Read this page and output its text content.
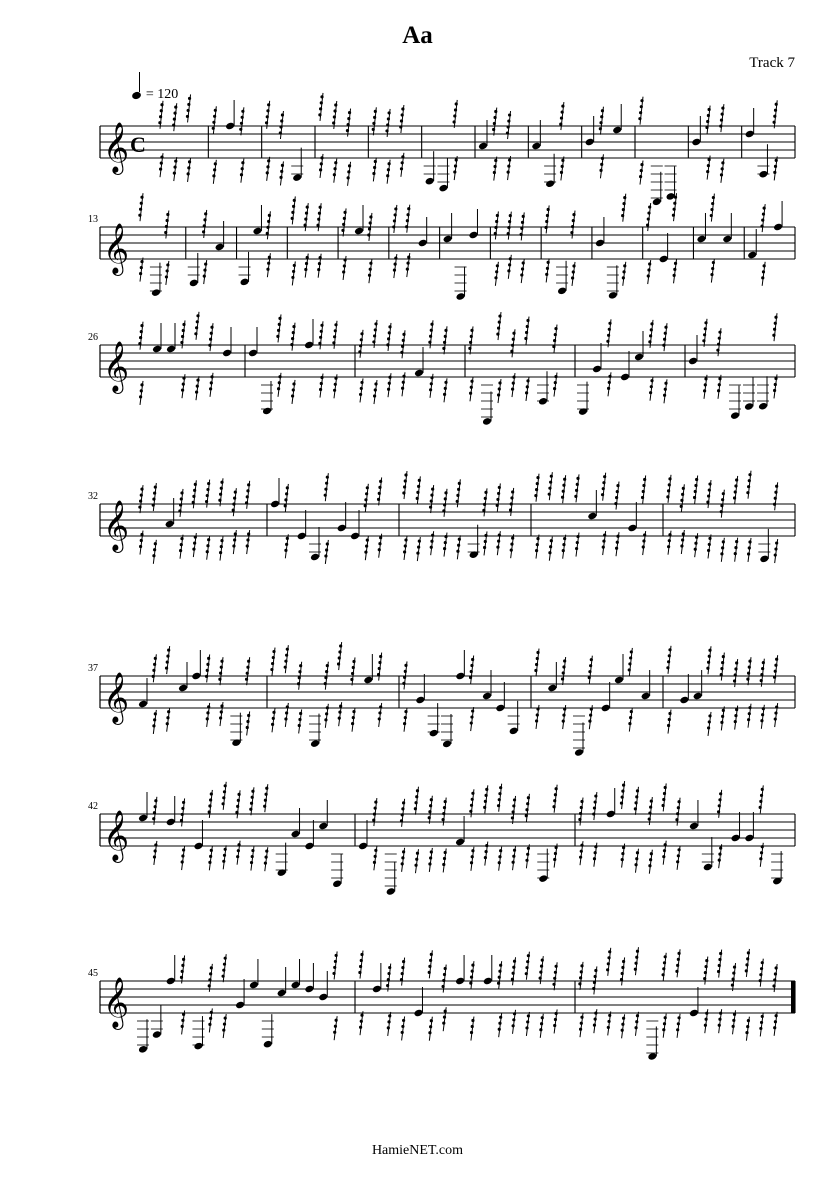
Aa
Track 7
= 120
𝄞 C
𝄞
13
𝄞
26
𝄞
32
𝄞
37
𝄞
42
𝄞
45
HamieNET.com
